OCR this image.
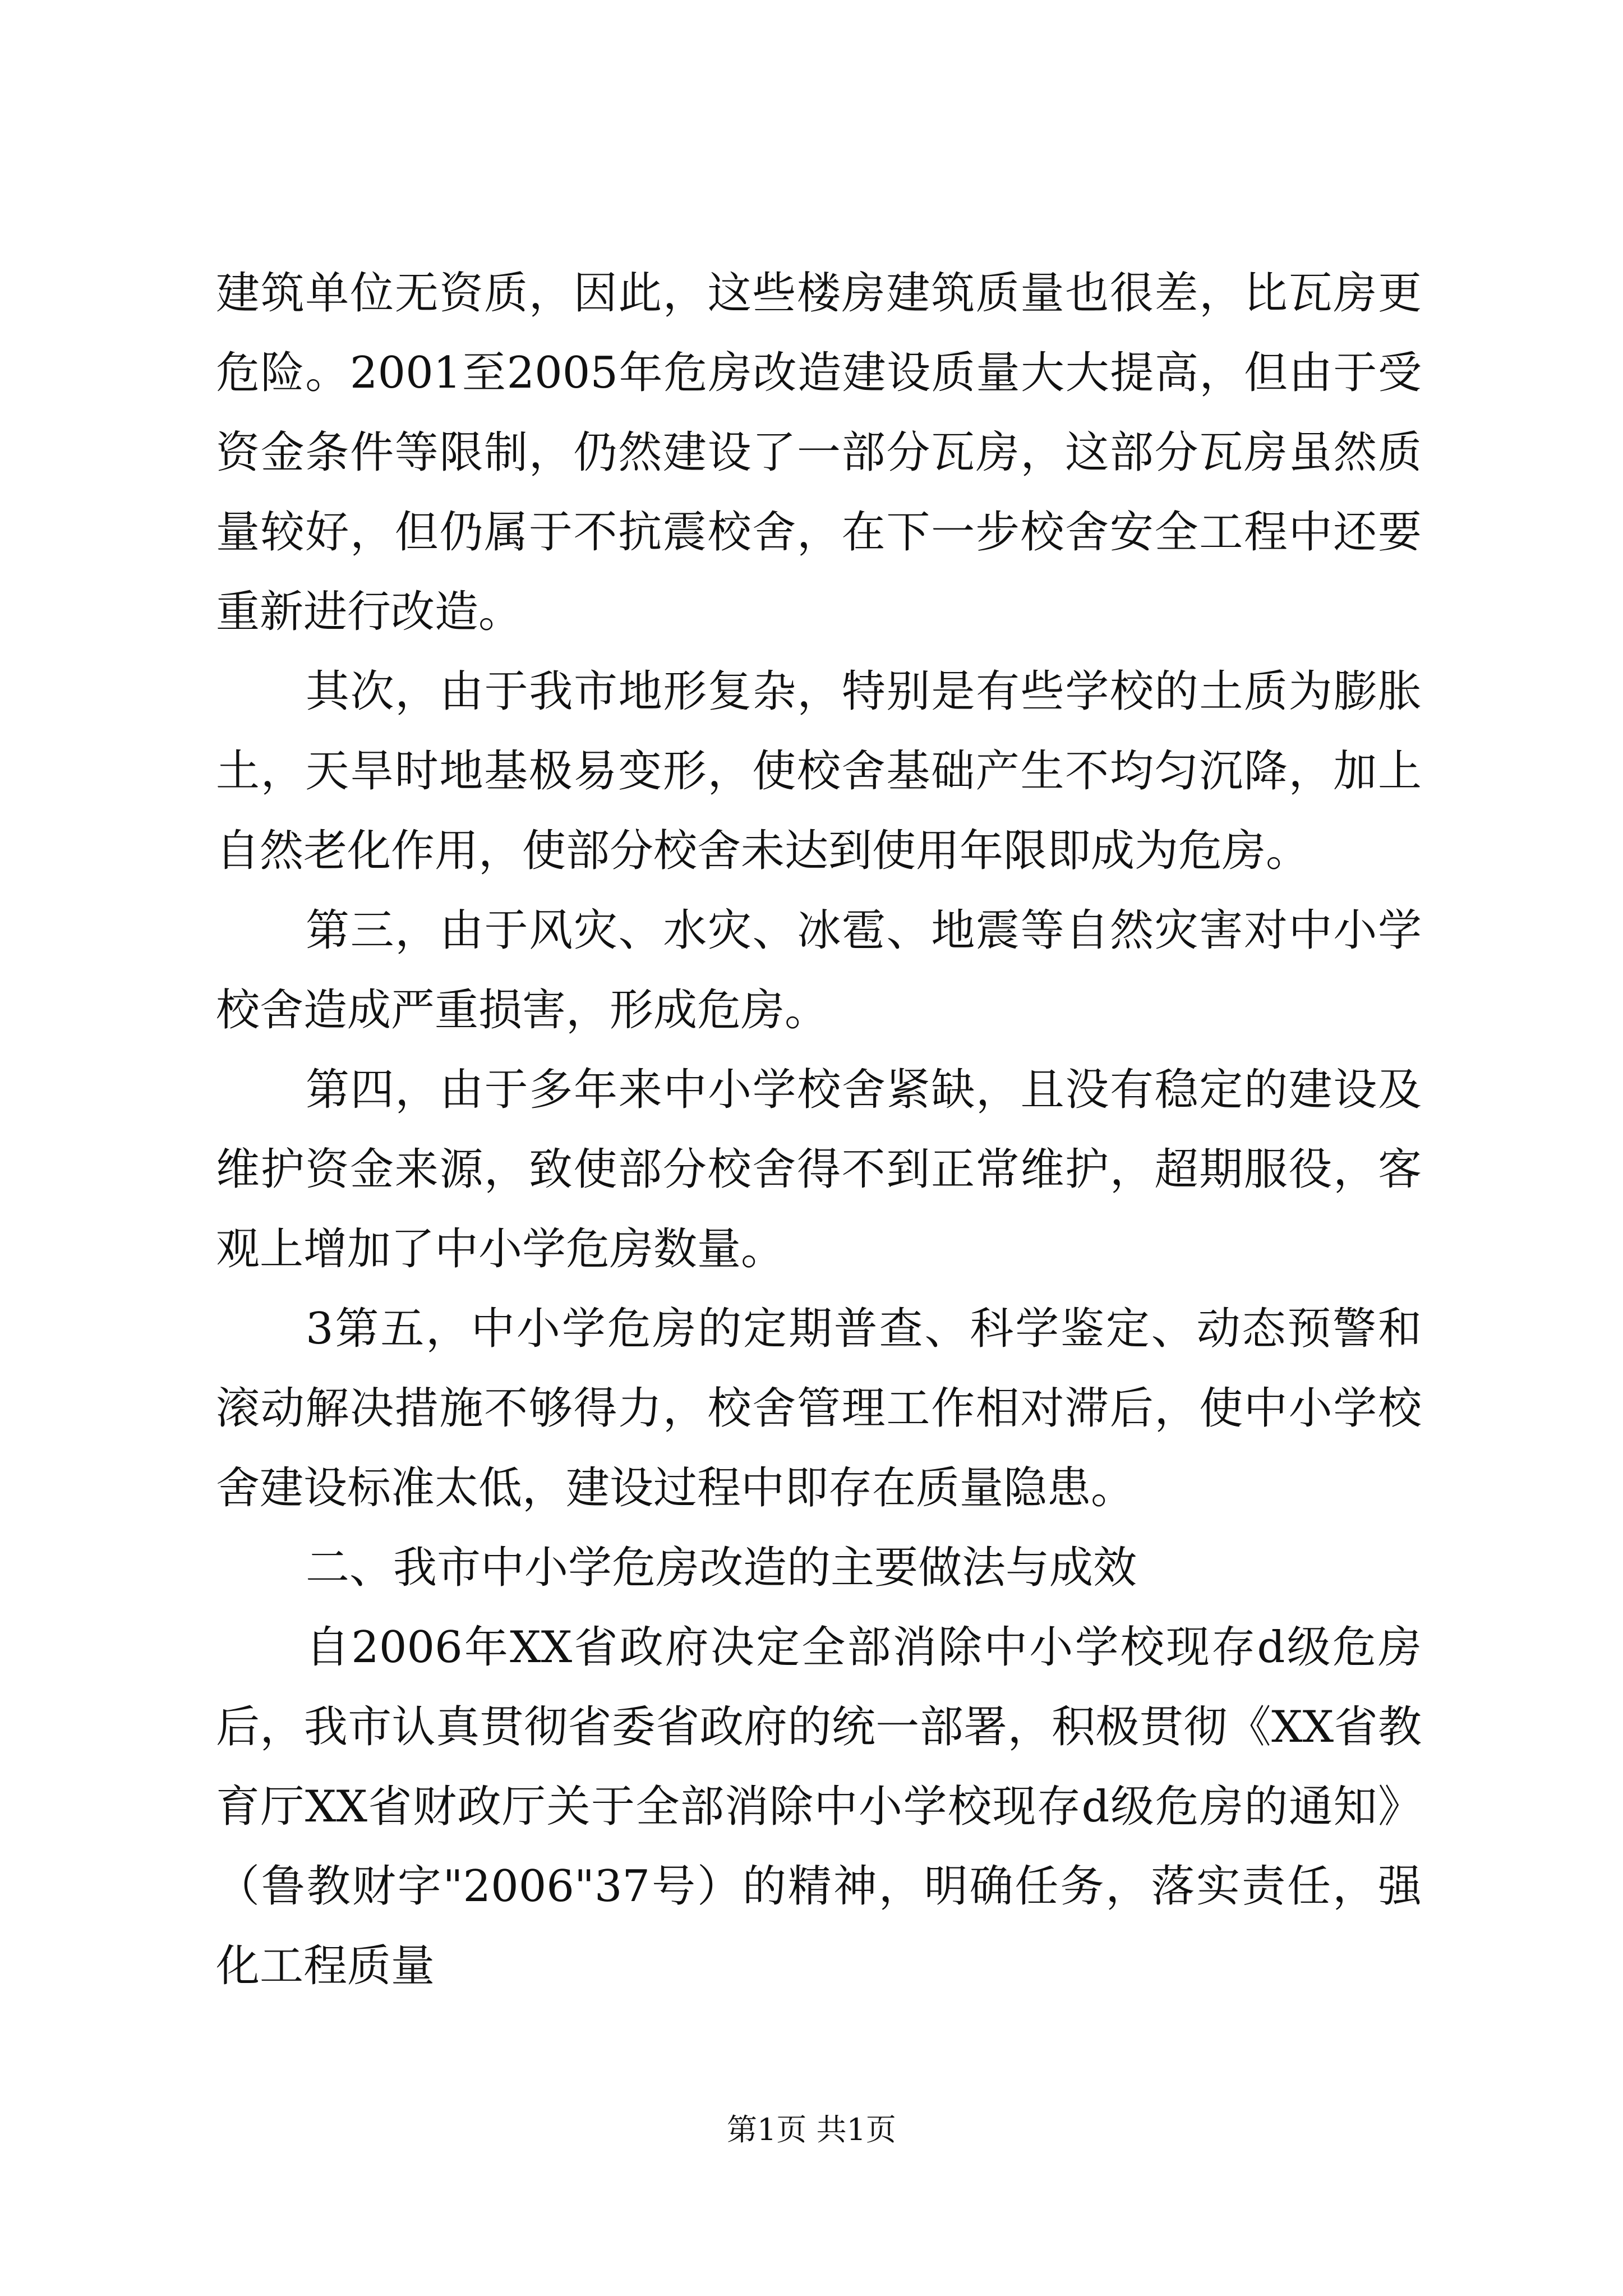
建筑单位无资质，因此，这些楼房建筑质量也很差，比瓦房更危险。2001至2005年危房改造建设质量大大提高，但由于受资金条件等限制，仍然建设了一部分瓦房，这部分瓦房虽然质量较好，但仍属于不抗震校舍，在下一步校舍安全工程中还要重新进行改造。

其次，由于我市地形复杂，特别是有些学校的土质为膨胀土，天旱时地基极易变形，使校舍基础产生不均匀沉降，加上自然老化作用，使部分校舍未达到使用年限即成为危房。

第三，由于风灾、水灾、冰雹、地震等自然灾害对中小学校舍造成严重损害，形成危房。

第四，由于多年来中小学校舍紧缺，且没有稳定的建设及维护资金来源，致使部分校舍得不到正常维护，超期服役，客观上增加了中小学危房数量。

3第五，中小学危房的定期普查、科学鉴定、动态预警和滚动解决措施不够得力，校舍管理工作相对滞后，使中小学校舍建设标准太低，建设过程中即存在质量隐患。

二、我市中小学危房改造的主要做法与成效

自2006年XX省政府决定全部消除中小学校现存d级危房后，我市认真贯彻省委省政府的统一部署，积极贯彻《XX省教育厅XX省财政厅关于全部消除中小学校现存d级危房的通知》（鲁教财字"2006"37号）的精神，明确任务，落实责任，强化工程质量

第1页 共1页
